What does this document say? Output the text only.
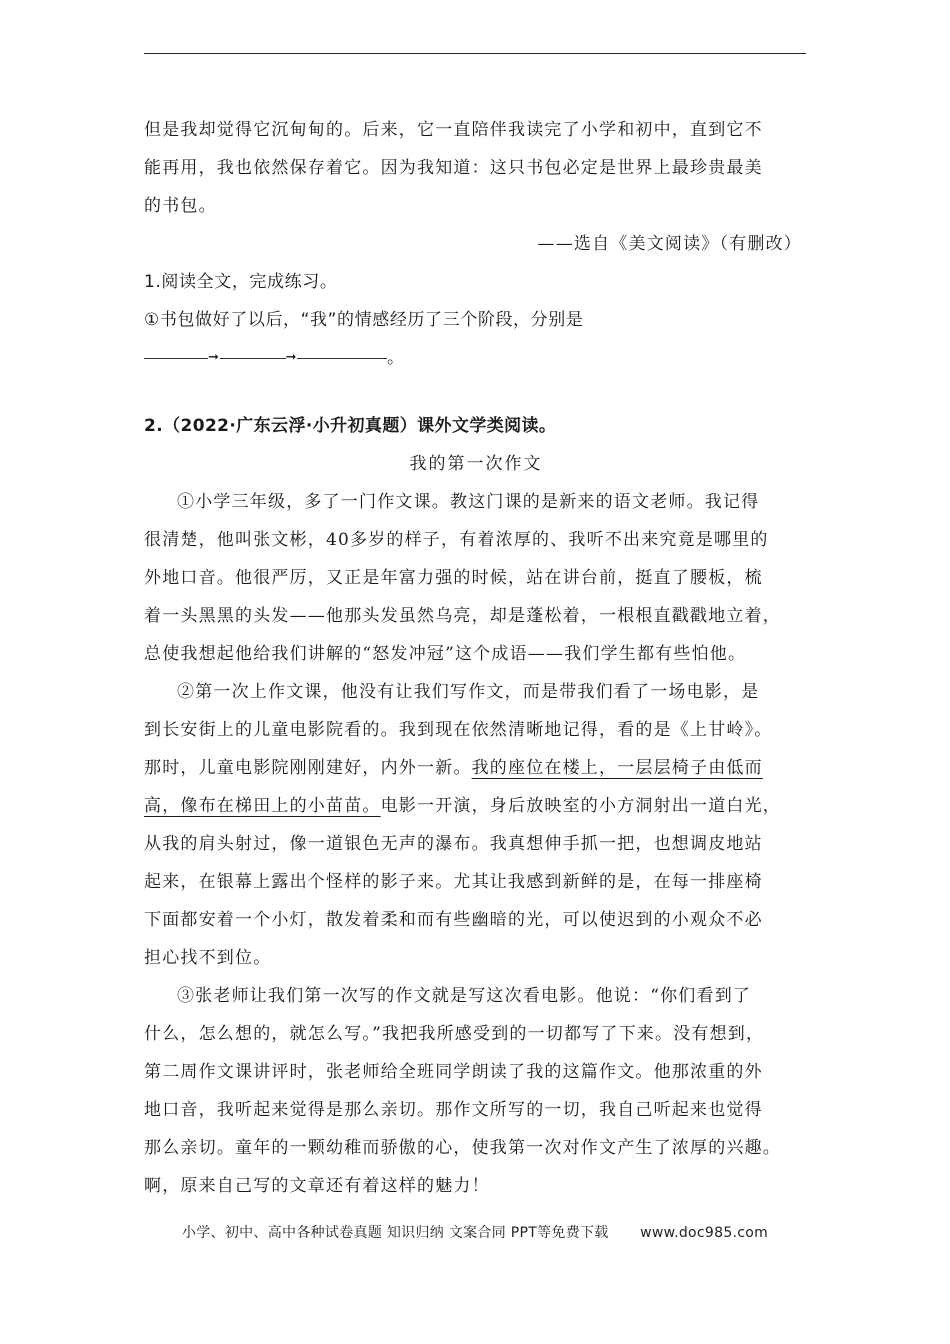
但是我却觉得它沉甸甸的。后来，它一直陪伴我读完了小学和初中，直到它不
能再用，我也依然保存着它。因为我知道：这只书包必定是世界上最珍贵最美
的书包。
——选自《美文阅读》（有删改）
1.阅读全文，完成练习。
①书包做好了以后，“我”的情感经历了三个阶段，分别是
➞	➞	。
2.（2022·广东云浮·小升初真题）课外文学类阅读。
我的第一次作文
①小学三年级，多了一门作文课。教这门课的是新来的语文老师。我记得
很清楚，他叫张文彬，40多岁的样子，有着浓厚的、我听不出来究竟是哪里的
外地口音。他很严厉，又正是年富力强的时候，站在讲台前，挺直了腰板，梳
着一头黑黑的头发——他那头发虽然乌亮，却是蓬松着，一根根直戳戳地立着，
总使我想起他给我们讲解的“怒发冲冠”这个成语——我们学生都有些怕他。
②第一次上作文课，他没有让我们写作文，而是带我们看了一场电影，是
到长安街上的儿童电影院看的。我到现在依然清晰地记得，看的是《上甘岭》。
那时，儿童电影院刚刚建好，内外一新。我的座位在楼上，一层层椅子由低而
高，像布在梯田上的小苗苗。电影一开演，身后放映室的小方洞射出一道白光，
从我的肩头射过，像一道银色无声的瀑布。我真想伸手抓一把，也想调皮地站
起来，在银幕上露出个怪样的影子来。尤其让我感到新鲜的是，在每一排座椅
下面都安着一个小灯，散发着柔和而有些幽暗的光，可以使迟到的小观众不必
担心找不到位。
③张老师让我们第一次写的作文就是写这次看电影。他说：“你们看到了
什么，怎么想的，就怎么写。”我把我所感受到的一切都写了下来。没有想到，
第二周作文课讲评时，张老师给全班同学朗读了我的这篇作文。他那浓重的外
地口音，我听起来觉得是那么亲切。那作文所写的一切，我自己听起来也觉得
那么亲切。童年的一颗幼稚而骄傲的心，使我第一次对作文产生了浓厚的兴趣。
啊，原来自己写的文章还有着这样的魅力！
小学、初中、高中各种试卷真题 知识归纳 文案合同 PPT等免费下载 www.doc985.com
